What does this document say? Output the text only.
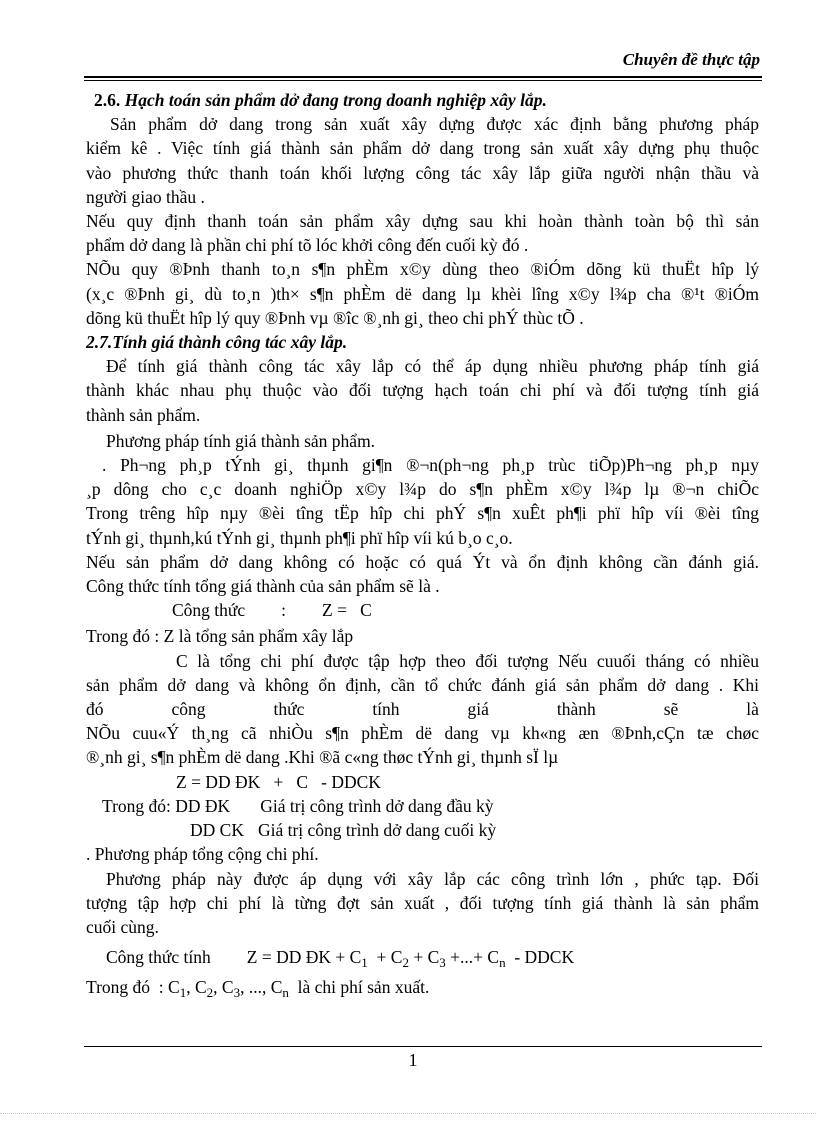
Chuyên đề thực tập

2.6. Hạch toán sản phẩm dở đang trong doanh nghiệp xây lắp.

Sản phẩm dở dang trong sản xuất xây dựng được xác định bằng phương pháp

kiểm kê . Việc tính giá thành sản phẩm dở dang trong sản xuất xây dựng phụ thuộc

vào phương thức thanh toán khối lượng công tác xây lắp giữa người nhận thầu và

người giao thầu .

Nếu quy định thanh toán sản phẩm xây dựng sau khi hoàn thành toàn bộ thì sản

phẩm dở dang là phần chi phí tõ lóc khởi công đến cuối kỳ đó .

NÕu quy ®Þnh thanh to¸n s¶n phÈm x©y dùng theo ®iÓm dõng kü thuËt hîp lý

(x¸c ®Þnh gi¸ dù to¸n )th× s¶n phÈm dë dang lµ khèi lîng x©y l¾p cha ®¹t ®iÓm

dõng kü thuËt hîp lý quy ®Þnh vµ ®îc ®¸nh gi¸ theo chi phÝ thùc tÕ .

2.7.Tính giá thành công tác xây lắp.

Để tính giá thành công tác xây lắp có thể áp dụng nhiều phương pháp tính giá

thành khác nhau phụ thuộc vào đối tượng hạch toán chi phí và đối tượng tính giá

thành sản phẩm.

Phương pháp tính giá thành sản phẩm.

. Ph¬ng ph¸p tÝnh gi¸ thµnh gi¶n ®¬n(ph¬ng ph¸p trùc tiÕp)Ph¬ng ph¸p nµy

¸p dông cho c¸c doanh nghiÖp x©y l¾p do s¶n phÈm x©y l¾p lµ ®¬n chiÕc

Trong trêng hîp nµy ®èi tîng tËp hîp chi phÝ s¶n xuÊt ph¶i phï hîp víi ®èi tîng

tÝnh gi¸ thµnh,kú tÝnh gi¸ thµnh ph¶i phï hîp víi kú b¸o c¸o.

Nếu sản phẩm dở dang không có hoặc có quá Ýt và ổn định không cần đánh giá.

Công thức tính tổng giá thành của sản phẩm sẽ là .

Công thức : Z =   C

Trong đó : Z là tổng sản phẩm xây lắp

C là tổng chi phí được tập hợp theo đối tượng Nếu cuuối tháng có nhiều

sản phẩm dở dang và không ổn định, cần tổ chức đánh giá sản phẩm dở dang . Khi

đó	công	thức	tính	giá	thành	sẽ	là

NÕu cuu«Ý th¸ng cã nhiÒu s¶n phÈm dë dang vµ kh«ng æn ®Þnh,cÇn tæ chøc

®¸nh gi¸ s¶n phÈm dë dang .Khi ®ã c«ng thøc tÝnh gi¸ thµnh sÏ lµ

Z = DD ĐK   +   C   - DDCK

Trong đó: DD ĐK Giá trị công trình dở dang đầu kỳ

DD CK Giá trị công trình dở dang cuối kỳ

. Phương pháp tổng cộng chi phí.

Phương pháp này được áp dụng với xây lắp các công trình lớn , phức tạp. Đối

tượng tập hợp chi phí là từng đợt sản xuất , đối tượng tính giá thành là sản phẩm

cuối cùng.

Công thức tính Z = DD ĐK + $C_1 + C_2 + C_3$ +...+ $C_n$  - DDCK

Trong đó  : $C_1$, $C_2$, $C_3$, ..., $C_n$  là chi phí sản xuất.

1
